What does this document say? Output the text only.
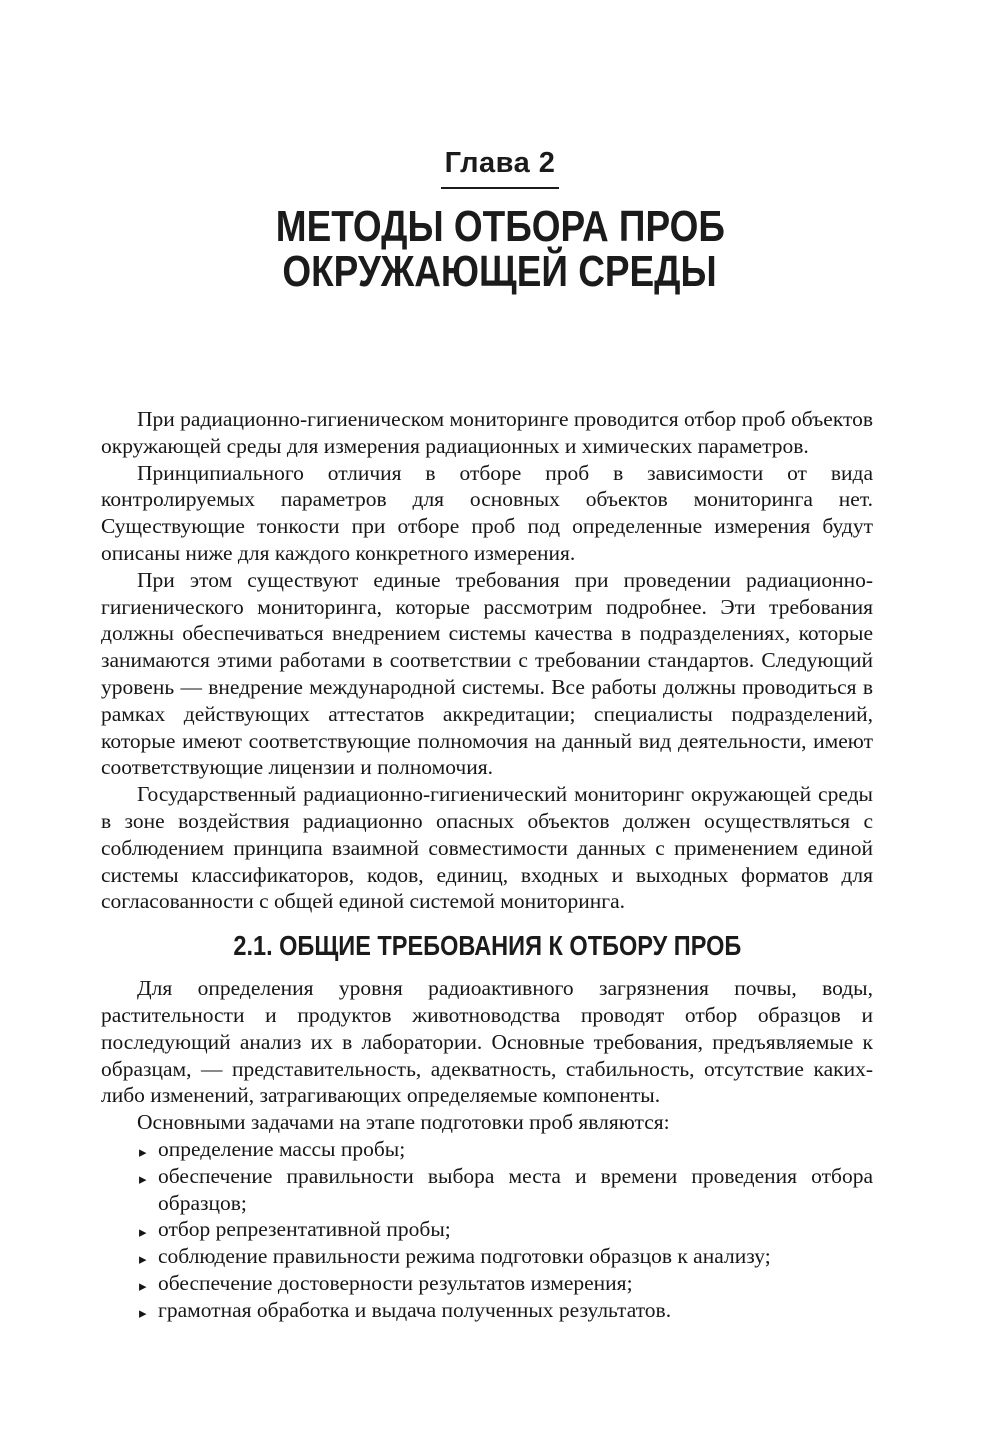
Глава 2
МЕТОДЫ ОТБОРА ПРОБ
ОКРУЖАЮЩЕЙ СРЕДЫ

При радиационно-гигиеническом мониторинге проводится отбор проб объектов окружающей среды для измерения радиационных и химических параметров.

Принципиального отличия в отборе проб в зависимости от вида контролируемых параметров для основных объектов мониторинга нет. Существующие тонкости при отборе проб под определенные измерения будут описаны ниже для каждого конкретного измерения.

При этом существуют единые требования при проведении радиационно-гигиенического мониторинга, которые рассмотрим подробнее. Эти требования должны обеспечиваться внедрением системы качества в подразделениях, которые занимаются этими работами в соответствии с требовании стандартов. Следующий уровень — внедрение международной системы. Все работы должны проводиться в рамках действующих аттестатов аккредитации; специалисты подразделений, которые имеют соответствующие полномочия на данный вид деятельности, имеют соответствующие лицензии и полномочия.

Государственный радиационно-гигиенический мониторинг окружающей среды в зоне воздействия радиационно опасных объектов должен осуществляться с соблюдением принципа взаимной совместимости данных с применением единой системы классификаторов, кодов, единиц, входных и выходных форматов для согласованности с общей единой системой мониторинга.

2.1. ОБЩИЕ ТРЕБОВАНИЯ К ОТБОРУ ПРОБ

Для определения уровня радиоактивного загрязнения почвы, воды, растительности и продуктов животноводства проводят отбор образцов и последующий анализ их в лаборатории. Основные требования, предъявляемые к образцам, — представительность, адекватность, стабильность, отсутствие каких-либо изменений, затрагивающих определяемые компоненты.

Основными задачами на этапе подготовки проб являются:

▸ определение массы пробы;
▸ обеспечение правильности выбора места и времени проведения отбора образцов;
▸ отбор репрезентативной пробы;
▸ соблюдение правильности режима подготовки образцов к анализу;
▸ обеспечение достоверности результатов измерения;
▸ грамотная обработка и выдача полученных результатов.
